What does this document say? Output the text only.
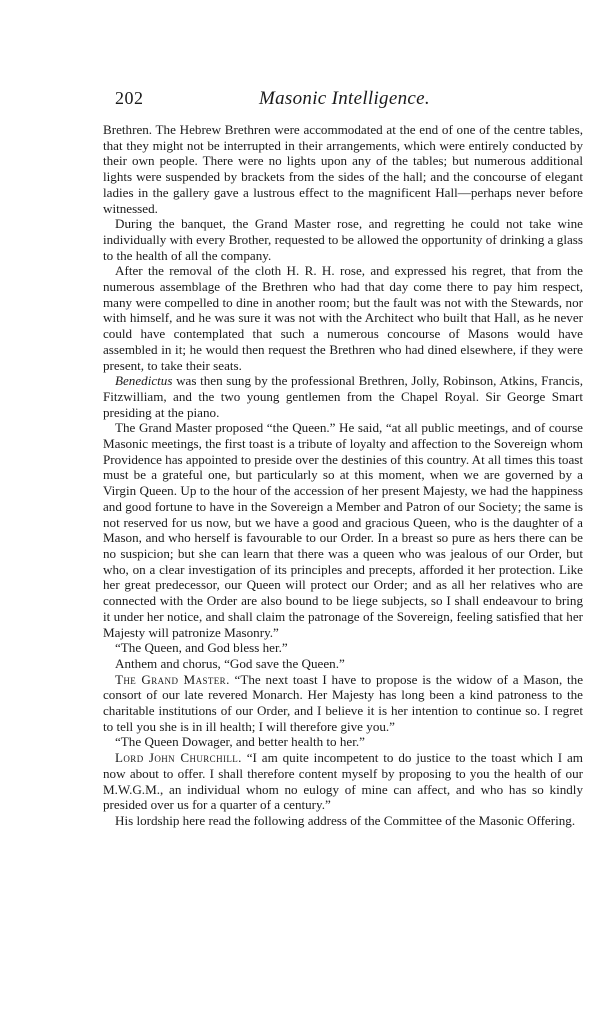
202	Masonic Intelligence.

Brethren. The Hebrew Brethren were accommodated at the end of one of the centre tables, that they might not be interrupted in their arrangements, which were entirely conducted by their own people. There were no lights upon any of the tables; but numerous additional lights were suspended by brackets from the sides of the hall; and the concourse of elegant ladies in the gallery gave a lustrous effect to the magnificent Hall—perhaps never before witnessed.

During the banquet, the Grand Master rose, and regretting he could not take wine individually with every Brother, requested to be allowed the opportunity of drinking a glass to the health of all the company.

After the removal of the cloth H. R. H. rose, and expressed his regret, that from the numerous assemblage of the Brethren who had that day come there to pay him respect, many were compelled to dine in another room; but the fault was not with the Stewards, nor with himself, and he was sure it was not with the Architect who built that Hall, as he never could have contemplated that such a numerous concourse of Masons would have assembled in it; he would then request the Brethren who had dined elsewhere, if they were present, to take their seats.

Benedictus was then sung by the professional Brethren, Jolly, Robinson, Atkins, Francis, Fitzwilliam, and the two young gentlemen from the Chapel Royal. Sir George Smart presiding at the piano.

The Grand Master proposed “the Queen.” He said, “at all public meetings, and of course Masonic meetings, the first toast is a tribute of loyalty and affection to the Sovereign whom Providence has appointed to preside over the destinies of this country. At all times this toast must be a grateful one, but particularly so at this moment, when we are governed by a Virgin Queen. Up to the hour of the accession of her present Majesty, we had the happiness and good fortune to have in the Sovereign a Member and Patron of our Society; the same is not reserved for us now, but we have a good and gracious Queen, who is the daughter of a Mason, and who herself is favourable to our Order. In a breast so pure as hers there can be no suspicion; but she can learn that there was a queen who was jealous of our Order, but who, on a clear investigation of its principles and precepts, afforded it her protection. Like her great predecessor, our Queen will protect our Order; and as all her relatives who are connected with the Order are also bound to be liege subjects, so I shall endeavour to bring it under her notice, and shall claim the patronage of the Sovereign, feeling satisfied that her Majesty will patronize Masonry.”

“The Queen, and God bless her.”

Anthem and chorus, “God save the Queen.”

The Grand Master. “The next toast I have to propose is the widow of a Mason, the consort of our late revered Monarch. Her Majesty has long been a kind patroness to the charitable institutions of our Order, and I believe it is her intention to continue so. I regret to tell you she is in ill health; I will therefore give you.”

“The Queen Dowager, and better health to her.”

Lord John Churchill. “I am quite incompetent to do justice to the toast which I am now about to offer. I shall therefore content myself by proposing to you the health of our M.W.G.M., an individual whom no eulogy of mine can affect, and who has so kindly presided over us for a quarter of a century.”

His lordship here read the following address of the Committee of the Masonic Offering.
